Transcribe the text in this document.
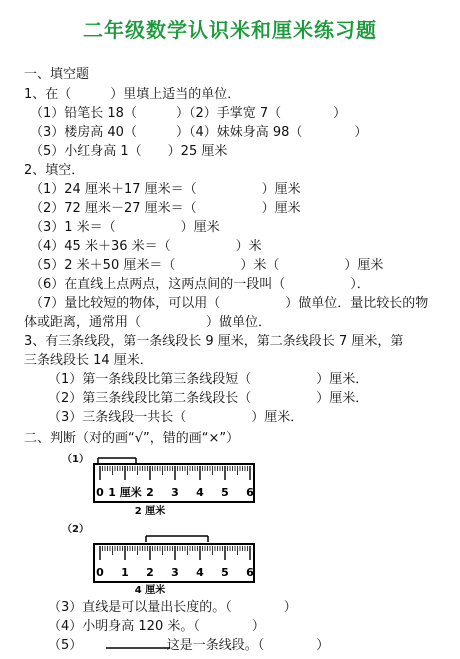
二年级数学认识米和厘米练习题
一、填空题
1、在（　　　）里填上适当的单位．
（1）铅笔长 18（　　　）（2）手掌宽 7（　　　　）
（3）楼房高 40（　　　）（4）妹妹身高 98（　　　　）
（5）小红身高 1（　　）25 厘米
2、填空．
（1）24 厘米＋17 厘米＝（　　　　　）厘米
（2）72 厘米－27 厘米＝（　　　　　）厘米
（3）1 米＝（　　　　　）厘米
（4）45 米＋36 米＝（　　　　　）米
（5）2 米＋50 厘米＝（　　　　　）米（　　　　　）厘米
（6）在直线上点两点，这两点间的一段叫（　　　　　）．
（7）量比较短的物体，可以用（　　　　　）做单位．量比较长的物
体或距离，通常用（　　　　　）做单位．
3、有三条线段，第一条线段长 9 厘米，第二条线段长 7 厘米，第
三条线段长 14 厘米．
（1）第一条线段比第三条线段短（　　　　　）厘米．
（2）第三条线段比第二条线段长（　　　　　）厘米．
（3）三条线段一共长（　　　　　）厘米．
二、判断（对的画“√”，错的画“×”）
（1）
0 1 厘米 2 3 4 5 6
2 厘米
（2）
0 1 2 3 4 5 6
4 厘米
（3）直线是可以量出长度的。（　　　　）
（4）小明身高 120 米。（　　　　）
（5）　　　　　　　这是一条线段。（　　　　）
